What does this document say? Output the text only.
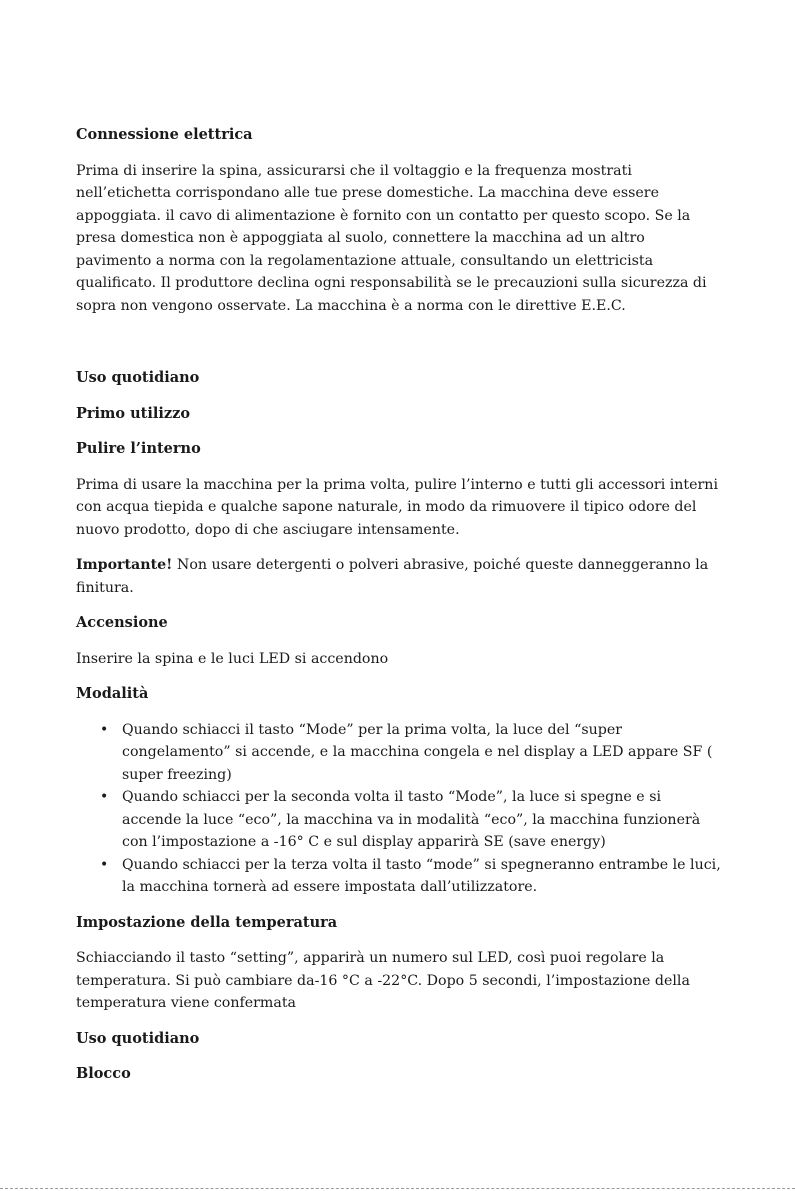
Connessione elettrica

Prima di inserire la spina, assicurarsi che il voltaggio e la frequenza mostrati nell’etichetta corrispondano alle tue prese domestiche. La macchina deve essere appoggiata. il cavo di alimentazione è fornito con un contatto per questo scopo. Se la presa domestica non è appoggiata al suolo, connettere la macchina ad un altro pavimento a norma con la regolamentazione attuale, consultando un elettricista qualificato. Il produttore declina ogni responsabilità se le precauzioni sulla sicurezza di sopra non vengono osservate. La macchina è a norma con le direttive E.E.C.

Uso quotidiano
Primo utilizzo
Pulire l’interno

Prima di usare la macchina per la prima volta, pulire l’interno e tutti gli accessori interni con acqua tiepida e qualche sapone naturale, in modo da rimuovere il tipico odore del nuovo prodotto, dopo di che asciugare intensamente.

Importante! Non usare detergenti o polveri abrasive, poiché queste danneggeranno la finitura.

Accensione

Inserire la spina e le luci LED si accendono

Modalità
• Quando schiacci il tasto “Mode” per la prima volta, la luce del “super congelamento” si accende, e la macchina congela e nel display a LED appare SF ( super freezing)
• Quando schiacci per la seconda volta il tasto “Mode”, la luce si spegne e si accende la luce “eco”, la macchina va in modalità “eco”, la macchina funzionerà con l’impostazione a -16° C e sul display apparirà SE (save energy)
• Quando schiacci per la terza volta il tasto “mode” si spegneranno entrambe le luci, la macchina tornerà ad essere impostata dall’utilizzatore.
Impostazione della temperatura

Schiacciando il tasto “setting”, apparirà un numero sul LED, così puoi regolare la temperatura. Si può cambiare da-16 °C a -22°C. Dopo 5 secondi, l’impostazione della temperatura viene confermata

Uso quotidiano
Blocco
